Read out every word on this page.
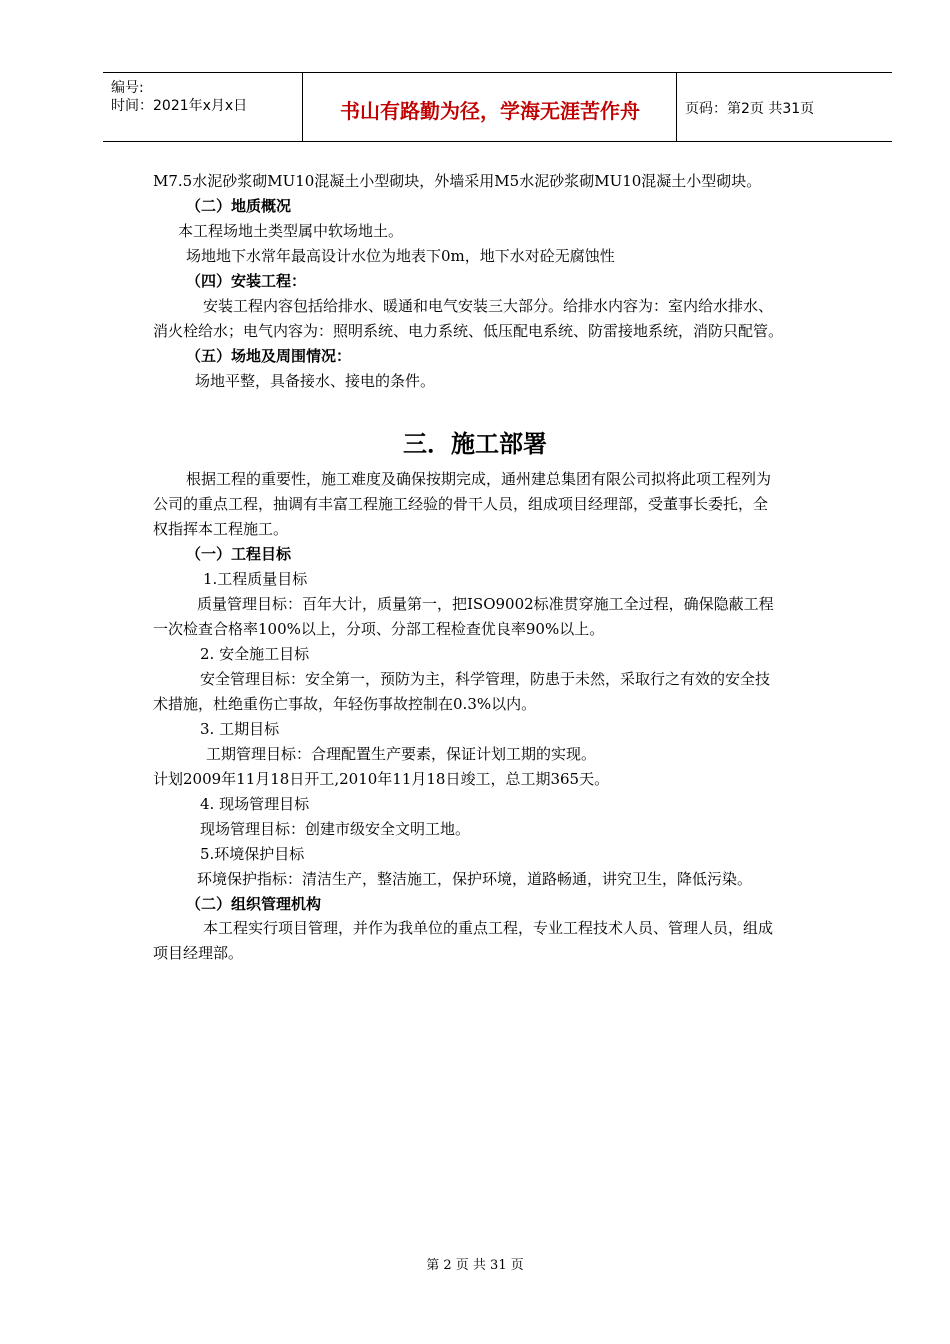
编号:
时间：2021年x月x日	书山有路勤为径，学海无涯苦作舟	页码：第2页 共31页
M7.5水泥砂浆砌MU10混凝土小型砌块，外墙采用M5水泥砂浆砌MU10混凝土小型砌块。
（二）地质概况
本工程场地土类型属中软场地土。
场地地下水常年最高设计水位为地表下0m，地下水对砼无腐蚀性
（四）安装工程：
安装工程内容包括给排水、暖通和电气安装三大部分。给排水内容为：室内给水排水、
消火栓给水；电气内容为：照明系统、电力系统、低压配电系统、防雷接地系统，消防只配管。
（五）场地及周围情况：
场地平整，具备接水、接电的条件。
三．施工部署
根据工程的重要性，施工难度及确保按期完成，通州建总集团有限公司拟将此项工程列为
公司的重点工程，抽调有丰富工程施工经验的骨干人员，组成项目经理部，受董事长委托，全
权指挥本工程施工。
（一）工程目标
1.工程质量目标
质量管理目标：百年大计，质量第一，把ISO9002标准贯穿施工全过程，确保隐蔽工程
一次检查合格率100%以上，分项、分部工程检查优良率90%以上。
2. 安全施工目标
安全管理目标：安全第一，预防为主，科学管理，防患于未然，采取行之有效的安全技
术措施，杜绝重伤亡事故，年轻伤事故控制在0.3%以内。
3. 工期目标
工期管理目标：合理配置生产要素，保证计划工期的实现。
计划2009年11月18日开工,2010年11月18日竣工，总工期365天。
4. 现场管理目标
现场管理目标：创建市级安全文明工地。
5.环境保护目标
环境保护指标：清洁生产，整洁施工，保护环境，道路畅通，讲究卫生，降低污染。
（二）组织管理机构
本工程实行项目管理，并作为我单位的重点工程，专业工程技术人员、管理人员，组成
项目经理部。
第 2 页 共 31 页
